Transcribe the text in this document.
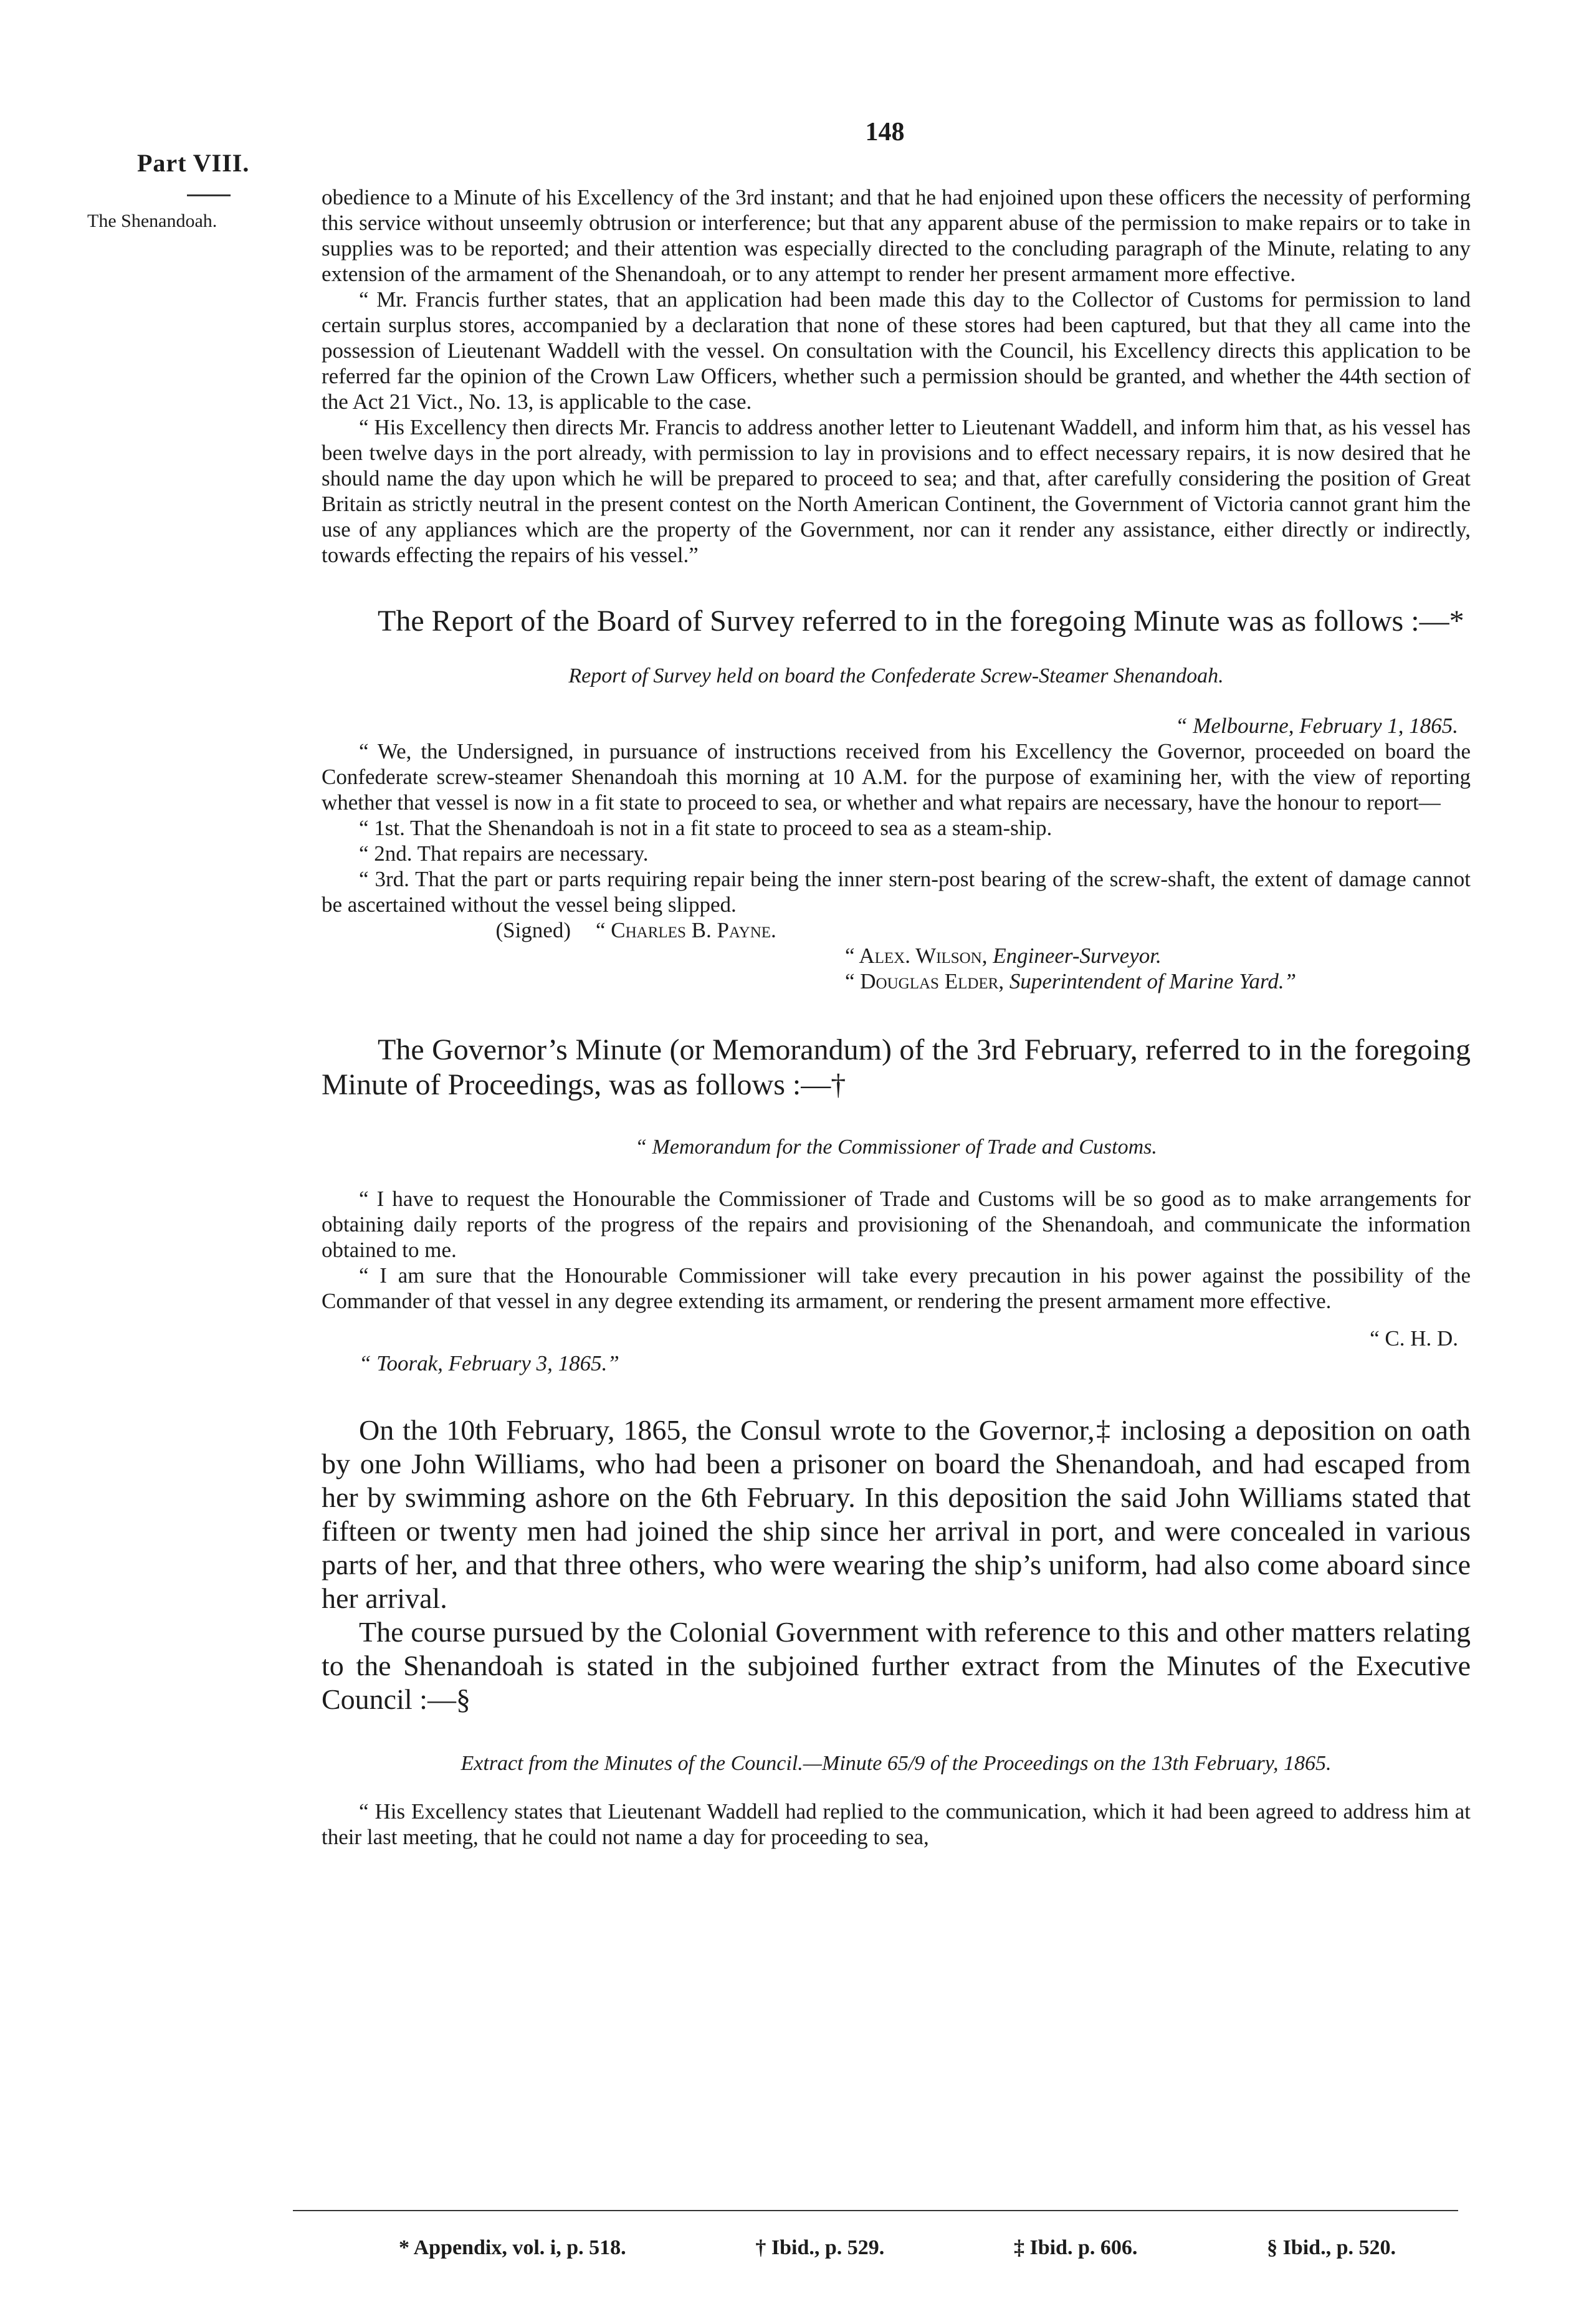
148
Part VIII.
The Shenandoah.

obedience to a Minute of his Excellency of the 3rd instant; and that he had enjoined upon these officers the necessity of performing this service without unseemly obtrusion or interference; but that any apparent abuse of the permission to make repairs or to take in supplies was to be reported; and their attention was especially directed to the concluding paragraph of the Minute, relating to any extension of the armament of the Shenandoah, or to any attempt to render her present armament more effective.

“ Mr. Francis further states, that an application had been made this day to the Collector of Customs for permission to land certain surplus stores, accompanied by a declaration that none of these stores had been captured, but that they all came into the possession of Lieutenant Waddell with the vessel. On consultation with the Council, his Excellency directs this application to be referred far the opinion of the Crown Law Officers, whether such a permission should be granted, and whether the 44th section of the Act 21 Vict., No. 13, is applicable to the case.

“ His Excellency then directs Mr. Francis to address another letter to Lieutenant Waddell, and inform him that, as his vessel has been twelve days in the port already, with permission to lay in provisions and to effect necessary repairs, it is now desired that he should name the day upon which he will be prepared to proceed to sea; and that, after carefully considering the position of Great Britain as strictly neutral in the present contest on the North American Continent, the Government of Victoria cannot grant him the use of any appliances which are the property of the Government, nor can it render any assistance, either directly or indirectly, towards effecting the repairs of his vessel.”

The Report of the Board of Survey referred to in the foregoing Minute was as follows :—*

Report of Survey held on board the Confederate Screw-Steamer Shenandoah.

“ Melbourne, February 1, 1865.

“ We, the Undersigned, in pursuance of instructions received from his Excellency the Governor, proceeded on board the Confederate screw-steamer Shenandoah this morning at 10 A.M. for the purpose of examining her, with the view of reporting whether that vessel is now in a fit state to proceed to sea, or whether and what repairs are necessary, have the honour to report—

“ 1st. That the Shenandoah is not in a fit state to proceed to sea as a steam-ship.

“ 2nd. That repairs are necessary.

“ 3rd. That the part or parts requiring repair being the inner stern-post bearing of the screw-shaft, the extent of damage cannot be ascertained without the vessel being slipped.

(Signed)	“ Charles B. Payne.

“ Alex. Wilson, Engineer-Surveyor.

“ Douglas Elder, Superintendent of Marine Yard.”

The Governor’s Minute (or Memorandum) of the 3rd February, referred to in the foregoing Minute of Proceedings, was as follows :—†

“ Memorandum for the Commissioner of Trade and Customs.

“ I have to request the Honourable the Commissioner of Trade and Customs will be so good as to make arrangements for obtaining daily reports of the progress of the repairs and provisioning of the Shenandoah, and communicate the information obtained to me.

“ I am sure that the Honourable Commissioner will take every precaution in his power against the possibility of the Commander of that vessel in any degree extending its armament, or rendering the present armament more effective.

“ C. H. D.

“ Toorak, February 3, 1865.”

On the 10th February, 1865, the Consul wrote to the Governor,‡ inclosing a deposition on oath by one John Williams, who had been a prisoner on board the Shenandoah, and had escaped from her by swimming ashore on the 6th February. In this deposition the said John Williams stated that fifteen or twenty men had joined the ship since her arrival in port, and were concealed in various parts of her, and that three others, who were wearing the ship’s uniform, had also come aboard since her arrival.

The course pursued by the Colonial Government with reference to this and other matters relating to the Shenandoah is stated in the subjoined further extract from the Minutes of the Executive Council :—§

Extract from the Minutes of the Council.—Minute 65/9 of the Proceedings on the 13th February, 1865.

“ His Excellency states that Lieutenant Waddell had replied to the communication, which it had been agreed to address him at their last meeting, that he could not name a day for proceeding to sea,

* Appendix, vol. i, p. 518.	† Ibid., p. 529.	‡ Ibid. p. 606.	§ Ibid., p. 520.
